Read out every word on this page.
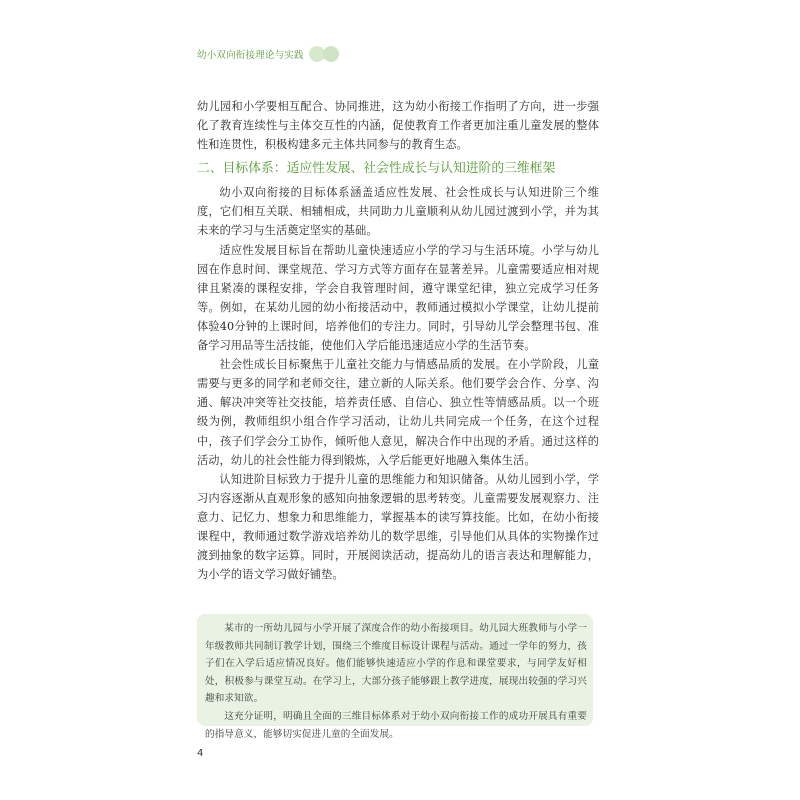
幼小双向衔接理论与实践

幼儿园和小学要相互配合、协同推进，这为幼小衔接工作指明了方向，进一步强化了教育连续性与主体交互性的内涵，促使教育工作者更加注重儿童发展的整体性和连贯性，积极构建多元主体共同参与的教育生态。

二、目标体系：适应性发展、社会性成长与认知进阶的三维框架

幼小双向衔接的目标体系涵盖适应性发展、社会性成长与认知进阶三个维度，它们相互关联、相辅相成，共同助力儿童顺利从幼儿园过渡到小学，并为其未来的学习与生活奠定坚实的基础。

适应性发展目标旨在帮助儿童快速适应小学的学习与生活环境。小学与幼儿园在作息时间、课堂规范、学习方式等方面存在显著差异。儿童需要适应相对规律且紧凑的课程安排，学会自我管理时间，遵守课堂纪律，独立完成学习任务等。例如，在某幼儿园的幼小衔接活动中，教师通过模拟小学课堂，让幼儿提前体验40分钟的上课时间，培养他们的专注力。同时，引导幼儿学会整理书包、准备学习用品等生活技能，使他们入学后能迅速适应小学的生活节奏。

社会性成长目标聚焦于儿童社交能力与情感品质的发展。在小学阶段，儿童需要与更多的同学和老师交往，建立新的人际关系。他们要学会合作、分享、沟通、解决冲突等社交技能，培养责任感、自信心、独立性等情感品质。以一个班级为例，教师组织小组合作学习活动，让幼儿共同完成一个任务，在这个过程中，孩子们学会分工协作，倾听他人意见，解决合作中出现的矛盾。通过这样的活动，幼儿的社会性能力得到锻炼，入学后能更好地融入集体生活。

认知进阶目标致力于提升儿童的思维能力和知识储备。从幼儿园到小学，学习内容逐渐从直观形象的感知向抽象逻辑的思考转变。儿童需要发展观察力、注意力、记忆力、想象力和思维能力，掌握基本的读写算技能。比如，在幼小衔接课程中，教师通过数学游戏培养幼儿的数学思维，引导他们从具体的实物操作过渡到抽象的数字运算。同时，开展阅读活动，提高幼儿的语言表达和理解能力，为小学的语文学习做好铺垫。

某市的一所幼儿园与小学开展了深度合作的幼小衔接项目。幼儿园大班教师与小学一年级教师共同制订教学计划，围绕三个维度目标设计课程与活动。通过一学年的努力，孩子们在入学后适应情况良好。他们能够快速适应小学的作息和课堂要求，与同学友好相处，积极参与课堂互动。在学习上，大部分孩子能够跟上教学进度，展现出较强的学习兴趣和求知欲。

这充分证明，明确且全面的三维目标体系对于幼小双向衔接工作的成功开展具有重要的指导意义，能够切实促进儿童的全面发展。

4
